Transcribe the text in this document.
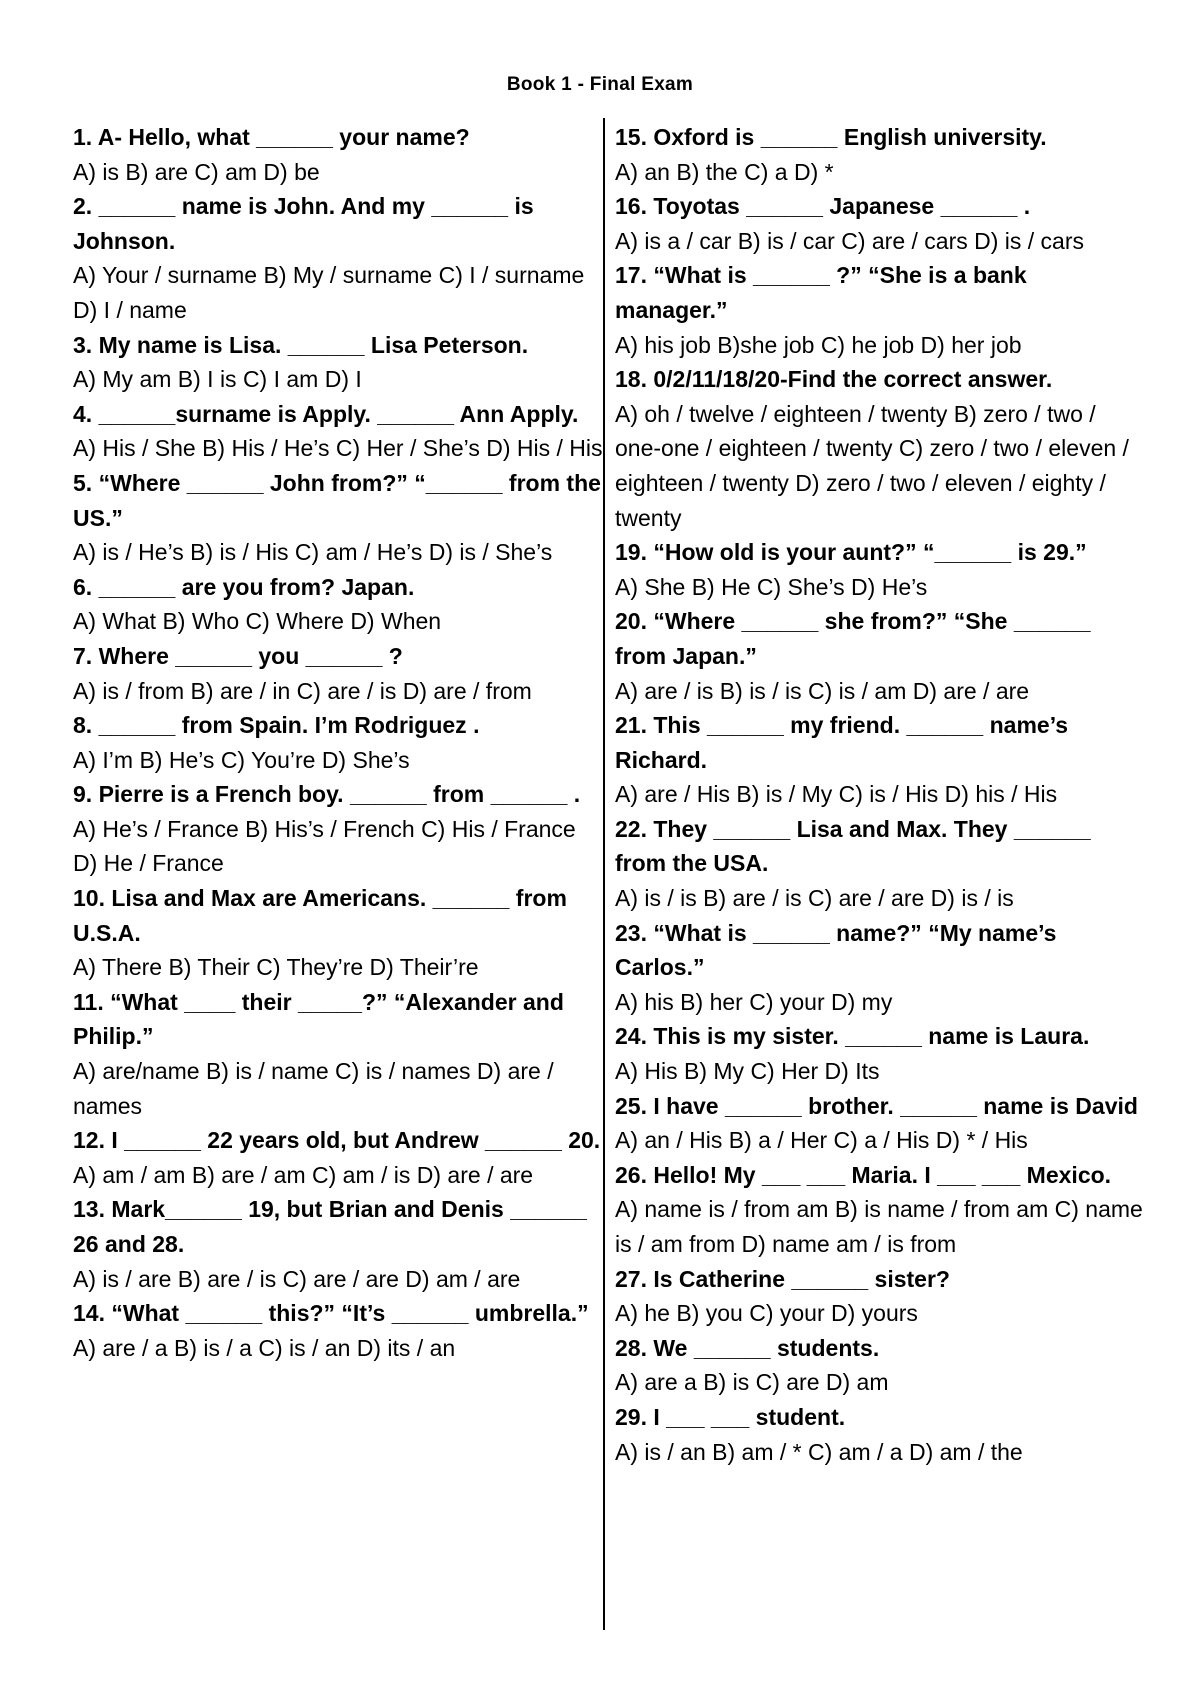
Book 1 - Final Exam
1. A- Hello, what ______ your name?
A) is B) are C) am D) be
2. ______ name is John. And my ______ is Johnson.
A) Your / surname B) My / surname C) I / surname D) I / name
3. My name is Lisa. ______ Lisa Peterson.
A) My am B) I is C) I am D) I
4. ______surname is Apply. ______ Ann Apply.
A) His / She B) His / He’s C) Her / She’s D) His / His
5. “Where ______ John from?” “______ from the US.”
A) is / He’s B) is / His C) am / He’s D) is / She’s
6. ______ are you from? Japan.
A) What B) Who C) Where D) When
7. Where ______ you ______ ?
A) is / from B) are / in C) are / is D) are / from
8. ______ from Spain. I’m Rodriguez .
A) I’m B) He’s C) You’re D) She’s
9. Pierre is a French boy. ______ from ______ .
A) He’s / France B) His’s / French C) His / France D) He / France
10. Lisa and Max are Americans. ______ from U.S.A.
A) There B) Their C) They’re D) Their’re
11. “What ____ their _____?” “Alexander and Philip.”
A) are/name B) is / name C) is / names D) are / names
12. I ______ 22 years old, but Andrew ______ 20.
A) am / am B) are / am C) am / is D) are / are
13. Mark______ 19, but Brian and Denis ______ 26 and 28.
A) is / are B) are / is C) are / are D) am / are
14. “What ______ this?” “It’s ______ umbrella.”
A) are / a B) is / a C) is / an D) its / an
15. Oxford is ______ English university.
A) an B) the C) a D) *
16. Toyotas ______ Japanese ______ .
A) is a / car B) is / car C) are / cars D) is / cars
17. “What is ______ ?” “She is a bank manager.”
A) his job B)she job C) he job D) her job
18. 0/2/11/18/20-Find the correct answer.
A) oh / twelve / eighteen / twenty B) zero / two / one-one / eighteen / twenty C) zero / two / eleven / eighteen / twenty D) zero / two / eleven / eighty / twenty
19. “How old is your aunt?” “______ is 29.”
A) She B) He C) She’s D) He’s
20. “Where ______ she from?” “She ______ from Japan.”
A) are / is B) is / is C) is / am D) are / are
21. This ______ my friend. ______ name’s Richard.
A) are / His B) is / My C) is / His D) his / His
22. They ______ Lisa and Max. They ______ from the USA.
A) is / is B) are / is C) are / are D) is / is
23. “What is ______ name?” “My name’s Carlos.”
A) his B) her C) your D) my
24. This is my sister. ______ name is Laura.
A) His B) My C) Her D) Its
25. I have ______ brother. ______ name is David
A) an / His B) a / Her C) a / His D) * / His
26. Hello! My ___ ___ Maria. I ___ ___ Mexico.
A) name is / from am B) is name / from am C) name is / am from D) name am / is from
27. Is Catherine ______ sister?
A) he B) you C) your D) yours
28. We ______ students.
A) are a B) is C) are D) am
29. I ___ ___ student.
A) is / an B) am / * C) am / a D) am / the
